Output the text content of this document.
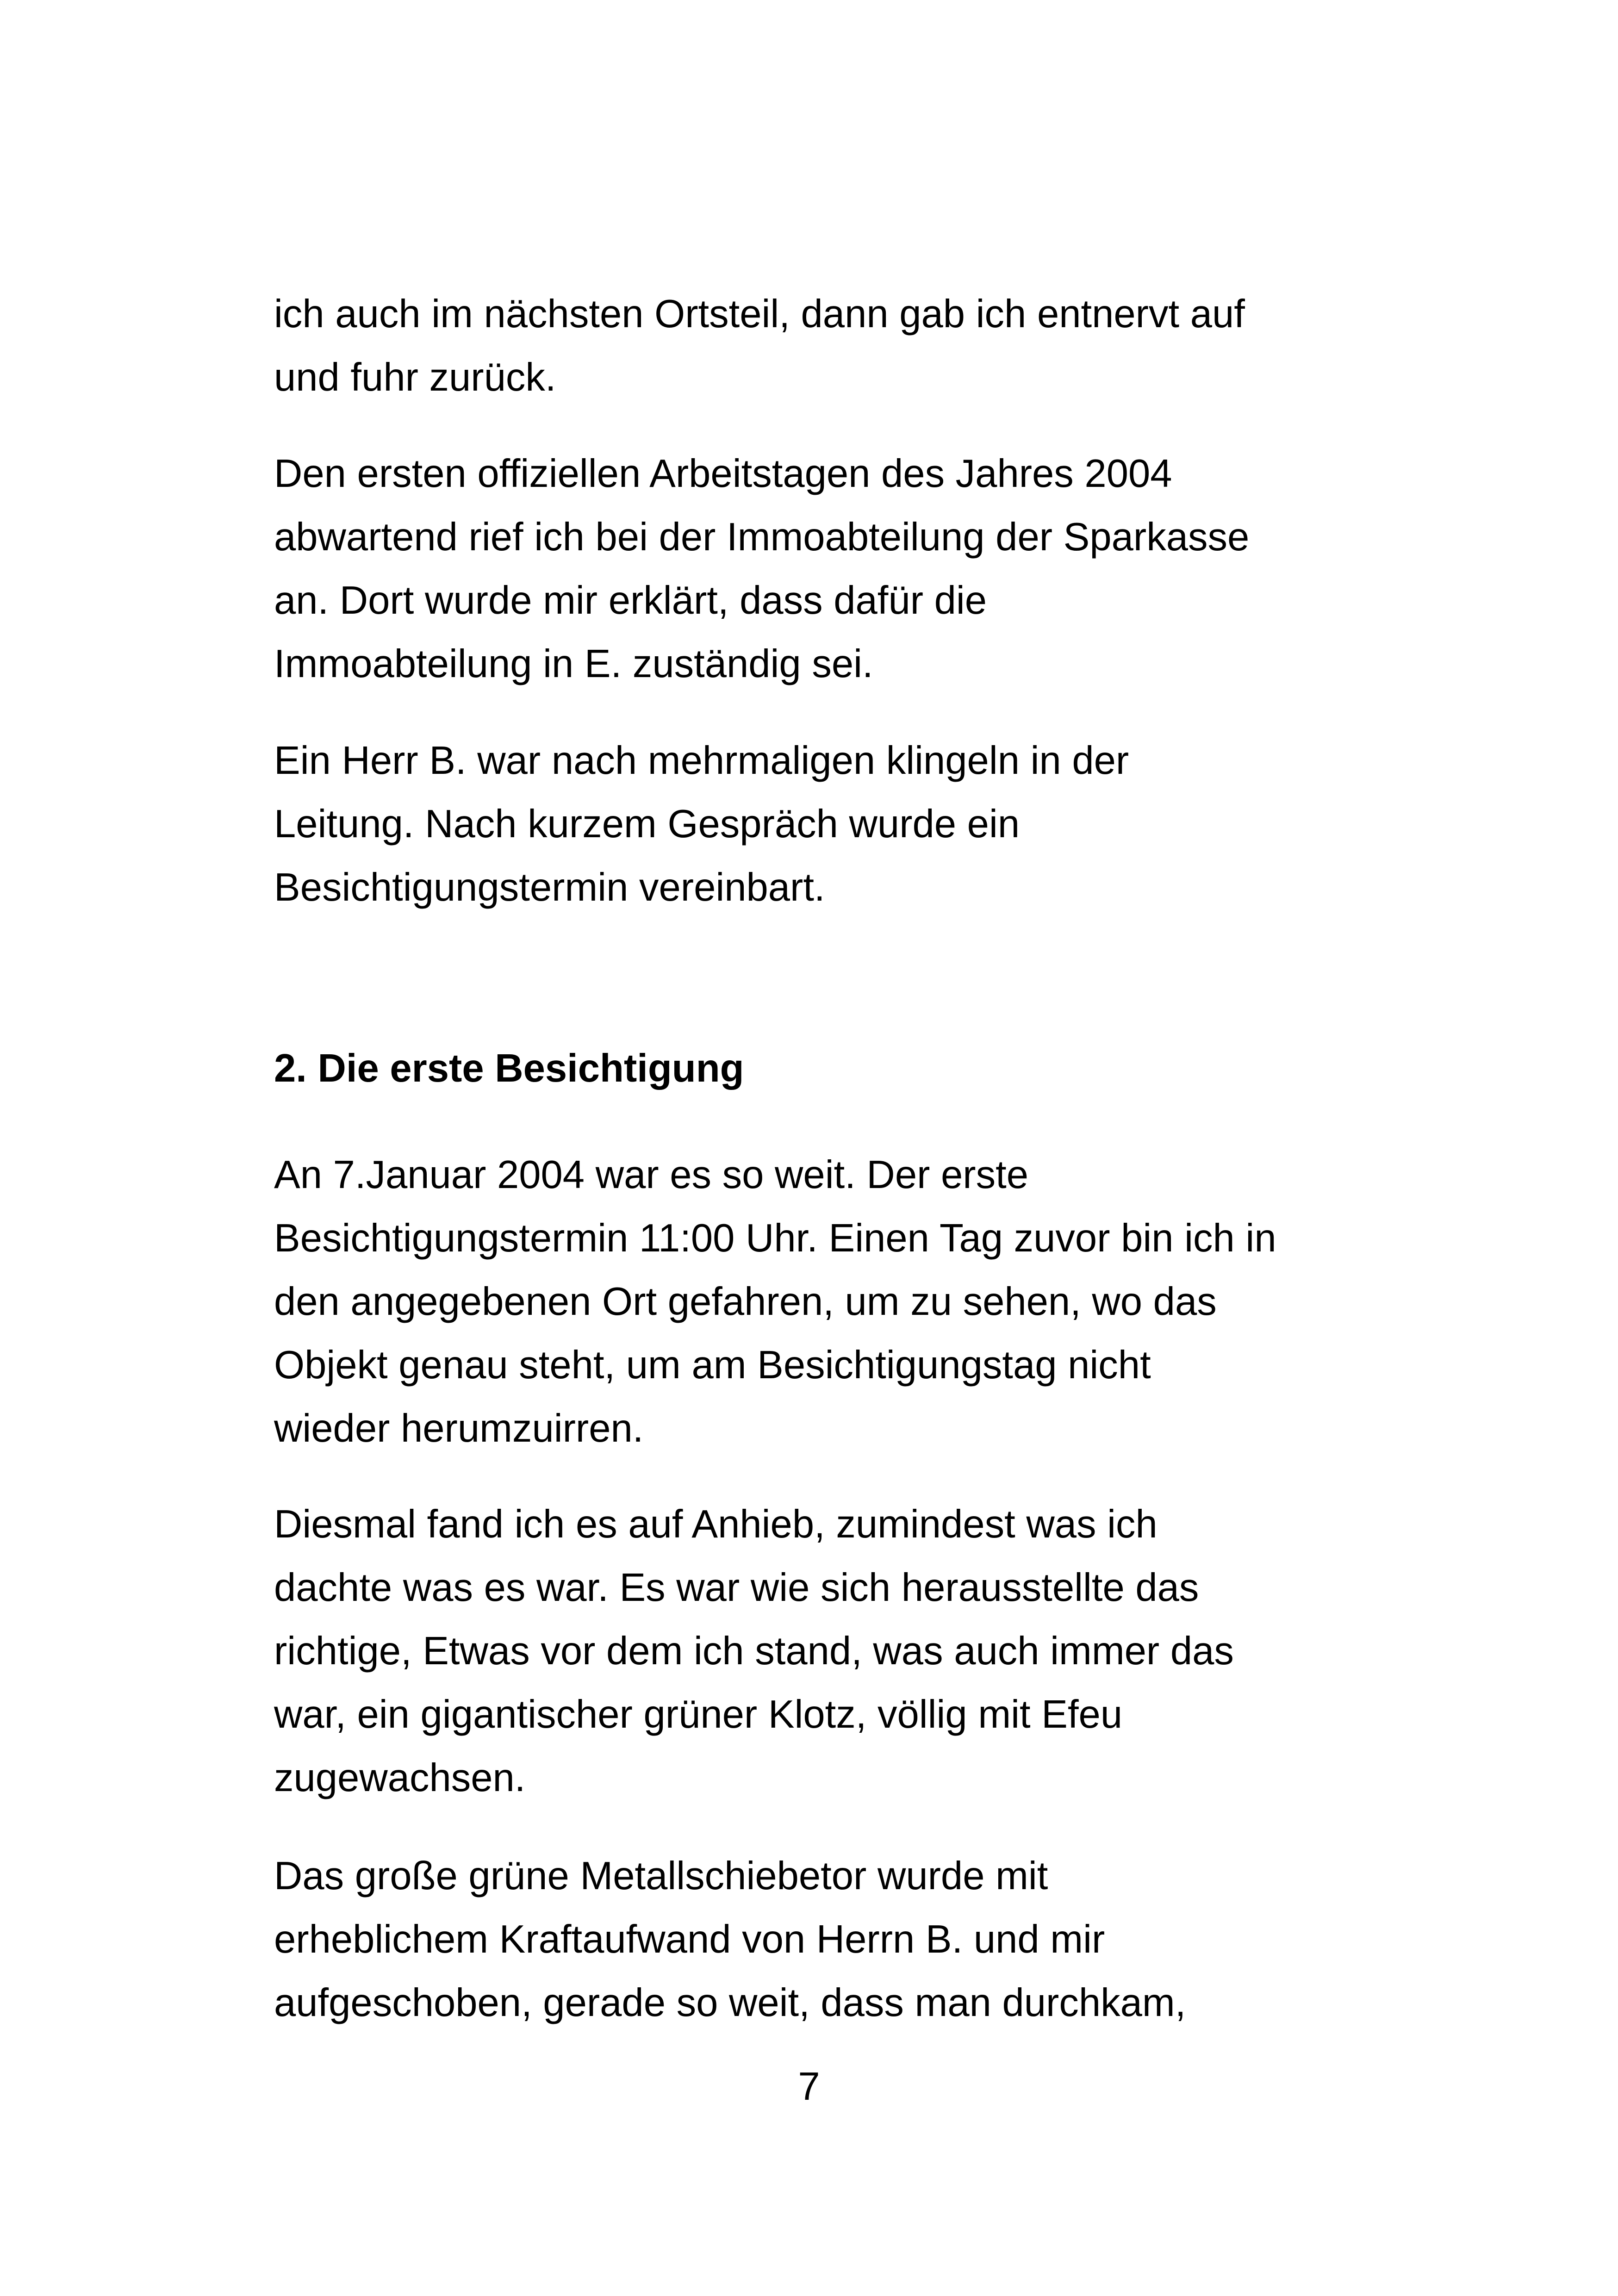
ich auch im nächsten Ortsteil, dann gab ich entnervt auf
und fuhr zurück.

Den ersten offiziellen Arbeitstagen des Jahres 2004
abwartend rief ich bei der Immoabteilung der Sparkasse
an. Dort wurde mir erklärt, dass dafür die
Immoabteilung in E. zuständig sei.

Ein Herr B. war nach mehrmaligen klingeln in der
Leitung. Nach kurzem Gespräch wurde ein
Besichtigungstermin vereinbart.

2. Die erste Besichtigung

An 7.Januar 2004 war es so weit. Der erste
Besichtigungstermin 11:00 Uhr. Einen Tag zuvor bin ich in
den angegebenen Ort gefahren, um zu sehen, wo das
Objekt genau steht, um am Besichtigungstag nicht
wieder herumzuirren.

Diesmal fand ich es auf Anhieb, zumindest was ich
dachte was es war. Es war wie sich herausstellte das
richtige, Etwas vor dem ich stand, was auch immer das
war, ein gigantischer grüner Klotz, völlig mit Efeu
zugewachsen.

Das große grüne Metallschiebetor wurde mit
erheblichem Kraftaufwand von Herrn B. und mir
aufgeschoben, gerade so weit, dass man durchkam,

7
